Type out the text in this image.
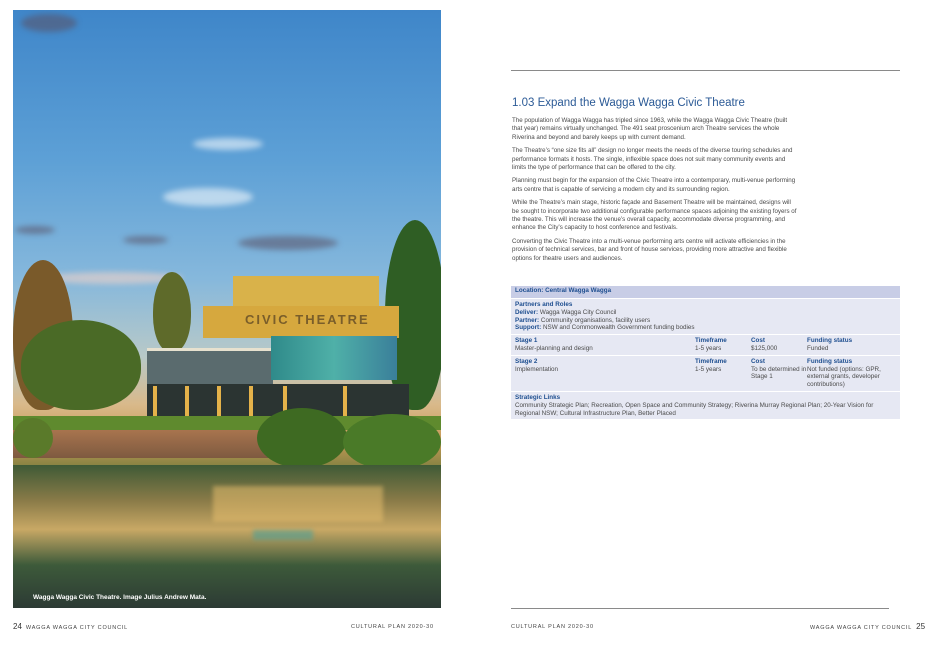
CIVIC THEATRE
Wagga Wagga Civic Theatre. Image Julius Andrew Mata.
24 WAGGA WAGGA CITY COUNCIL	CULTURAL PLAN 2020-30
1.03 Expand the Wagga Wagga Civic Theatre

The population of Wagga Wagga has tripled since 1963, while the Wagga Wagga Civic Theatre (built that year) remains virtually unchanged. The 491 seat proscenium arch Theatre services the whole Riverina and beyond and barely keeps up with current demand.

The Theatre’s “one size fits all” design no longer meets the needs of the diverse touring schedules and performance formats it hosts. The single, inflexible space does not suit many community events and limits the type of performance that can be offered to the city.

Planning must begin for the expansion of the Civic Theatre into a contemporary, multi-venue performing arts centre that is capable of servicing a modern city and its surrounding region.

While the Theatre’s main stage, historic façade and Basement Theatre will be maintained, designs will be sought to incorporate two additional configurable performance spaces adjoining the existing foyers of the theatre. This will increase the venue’s overall capacity, accommodate diverse programming, and enhance the City’s capacity to host conference and festivals.

Converting the Civic Theatre into a multi-venue performing arts centre will activate efficiencies in the provision of technical services, bar and front of house services, providing more attractive and flexible options for theatre users and audiences.

Location: Central Wagga Wagga
Partners and Roles
Deliver: Wagga Wagga City Council
Partner: Community organisations, facility users
Support: NSW and Commonwealth Government funding bodies
Stage 1
Master-planning and design
Timeframe
1-5 years
Cost
$125,000
Funding status
Funded
Stage 2
Implementation
Timeframe
1-5 years
Cost
To be determined in Stage 1
Funding status
Not funded (options: GPR, external grants, developer contributions)
Strategic Links
Community Strategic Plan; Recreation, Open Space and Community Strategy; Riverina Murray Regional Plan; 20-Year Vision for Regional NSW; Cultural Infrastructure Plan, Better Placed
CULTURAL PLAN 2020-30	WAGGA WAGGA CITY COUNCIL 25
